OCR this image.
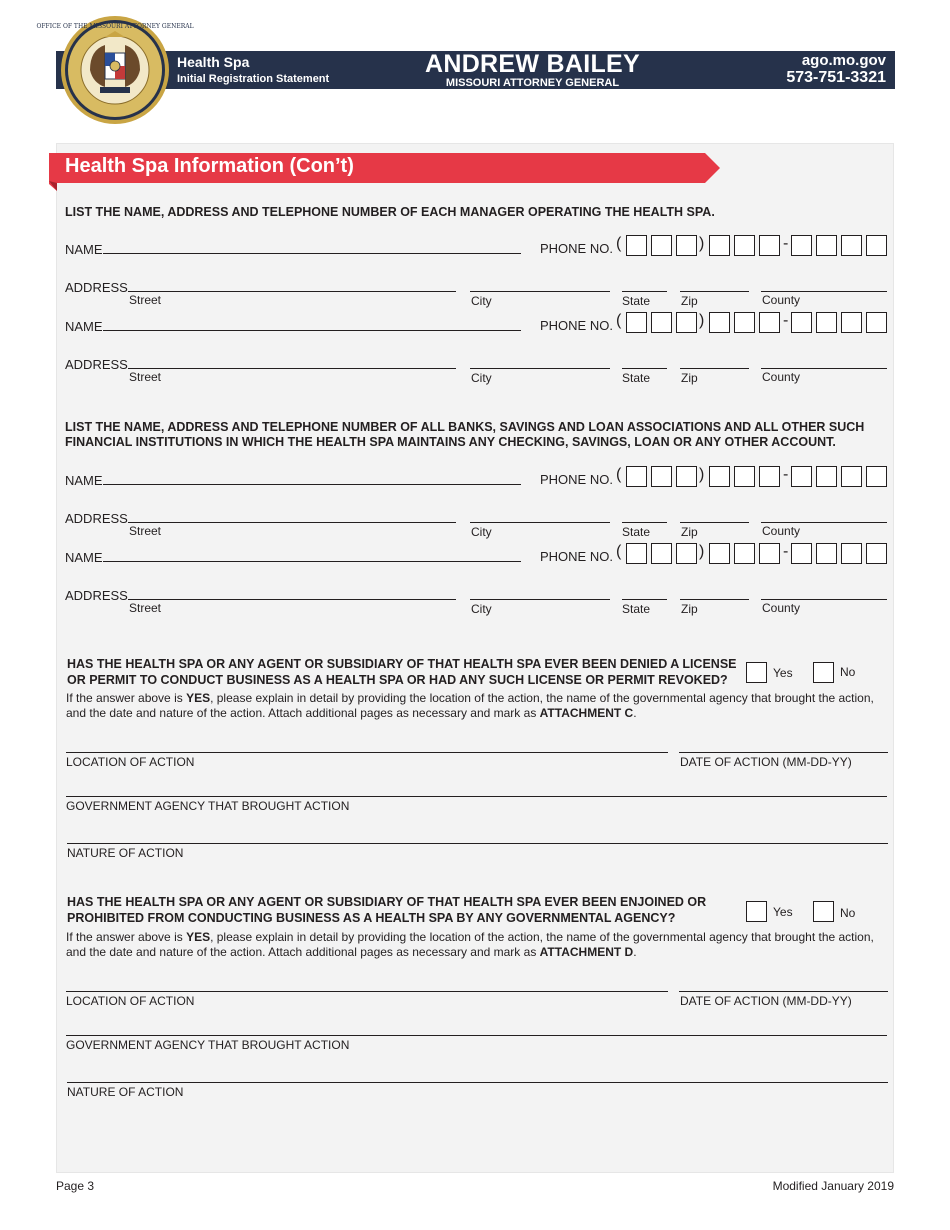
OFFICE OF THE MISSOURI ATTORNEY GENERAL
Health Spa
Initial Registration Statement
ANDREW BAILEY
MISSOURI ATTORNEY GENERAL
ago.mo.gov
573-751-3321
Health Spa Information (Con’t)
LIST THE NAME, ADDRESS AND TELEPHONE NUMBER OF EACH MANAGER OPERATING THE HEALTH SPA.
NAME	PHONE NO. (	)	-
ADDRESS
Street	City	State	Zip	County
NAME	PHONE NO. (	)	-
ADDRESS
Street	City	State	Zip	County
NAME	PHONE NO. (	)	-
ADDRESS
Street	City	State	Zip	County
NAME	PHONE NO. (	)	-
ADDRESS
Street	City	State	Zip	County
LIST THE NAME, ADDRESS AND TELEPHONE NUMBER OF ALL BANKS, SAVINGS AND LOAN ASSOCIATIONS AND ALL OTHER SUCH
FINANCIAL INSTITUTIONS IN WHICH THE HEALTH SPA MAINTAINS ANY CHECKING, SAVINGS, LOAN OR ANY OTHER ACCOUNT.
HAS THE HEALTH SPA OR ANY AGENT OR SUBSIDIARY OF THAT HEALTH SPA EVER BEEN DENIED A LICENSE
OR PERMIT TO CONDUCT BUSINESS AS A HEALTH SPA OR HAD ANY SUCH LICENSE OR PERMIT REVOKED?	Yes	No
If the answer above is YES, please explain in detail by providing the location of the action, the name of the governmental agency that brought the action, and the date and nature of the action. Attach additional pages as necessary and mark as ATTACHMENT C.
LOCATION OF ACTION	DATE OF ACTION (MM-DD-YY)
GOVERNMENT AGENCY THAT BROUGHT ACTION
NATURE OF ACTION
HAS THE HEALTH SPA OR ANY AGENT OR SUBSIDIARY OF THAT HEALTH SPA EVER BEEN ENJOINED OR
PROHIBITED FROM CONDUCTING BUSINESS AS A HEALTH SPA BY ANY GOVERNMENTAL AGENCY?	Yes	No
If the answer above is YES, please explain in detail by providing the location of the action, the name of the governmental agency that brought the action, and the date and nature of the action. Attach additional pages as necessary and mark as ATTACHMENT D.
LOCATION OF ACTION	DATE OF ACTION (MM-DD-YY)
GOVERNMENT AGENCY THAT BROUGHT ACTION
NATURE OF ACTION
Page 3	Modified January 2019
